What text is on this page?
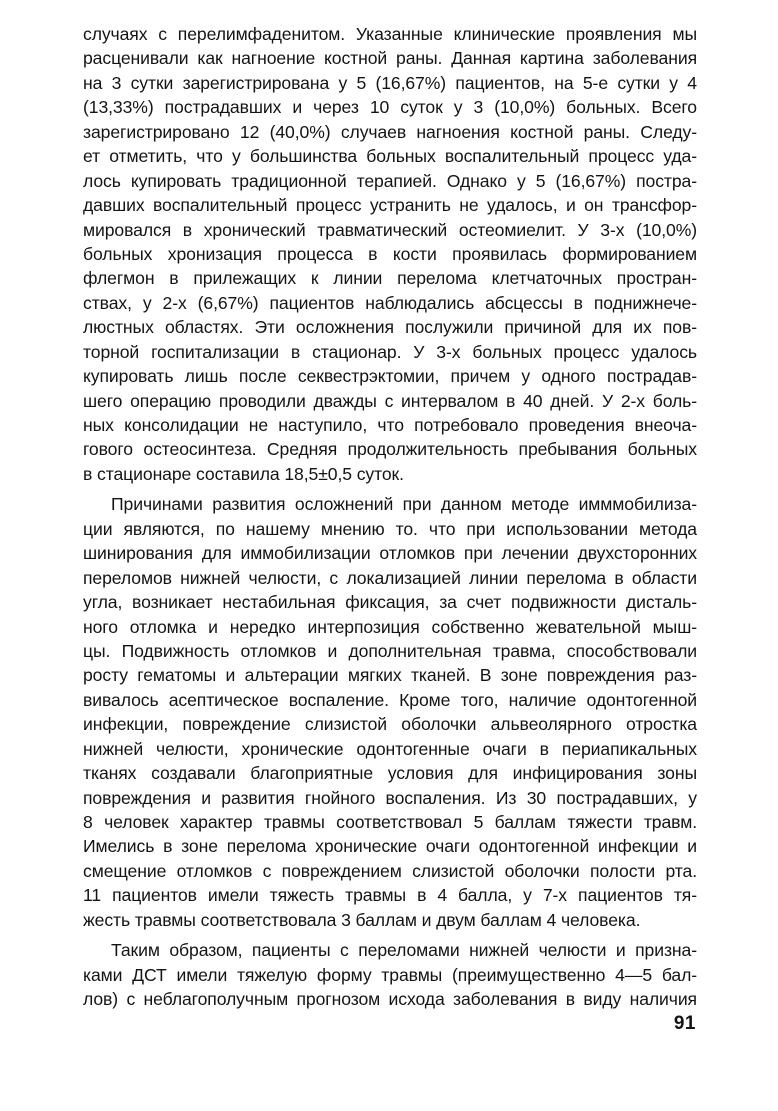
случаях с перелимфаденитом. Указанные клинические проявления мы
расценивали как нагноение костной раны. Данная картина заболевания
на 3 сутки зарегистрирована у 5 (16,67%) пациентов, на 5-е сутки у 4
(13,33%) пострадавших и через 10 суток у 3 (10,0%) больных. Всего
зарегистрировано 12 (40,0%) случаев нагноения костной раны. Следу-
ет отметить, что у большинства больных воспалительный процесс уда-
лось купировать традиционной терапией. Однако у 5 (16,67%) постра-
давших воспалительный процесс устранить не удалось, и он трансфор-
мировался в хронический травматический остеомиелит. У 3-х (10,0%)
больных хронизация процесса в кости проявилась формированием
флегмон в прилежащих к линии перелома клетчаточных простран-
ствах, у 2-х (6,67%) пациентов наблюдались абсцессы в поднижнече-
люстных областях. Эти осложнения послужили причиной для их пов-
торной госпитализации в стационар. У 3-х больных процесс удалось
купировать лишь после секвестрэктомии, причем у одного пострадав-
шего операцию проводили дважды с интервалом в 40 дней. У 2-х боль-
ных консолидации не наступило, что потребовало проведения внеоча-
гового остеосинтеза. Средняя продолжительность пребывания больных
в стационаре составила 18,5±0,5 суток.
Причинами развития осложнений при данном методе имммобилиза-
ции являются, по нашему мнению то. что при использовании метода
шинирования для иммобилизации отломков при лечении двухсторонних
переломов нижней челюсти, с локализацией линии перелома в области
угла, возникает нестабильная фиксация, за счет подвижности дисталь-
ного отломка и нередко интерпозиция собственно жевательной мыш-
цы. Подвижность отломков и дополнительная травма, способствовали
росту гематомы и альтерации мягких тканей. В зоне повреждения раз-
вивалось асептическое воспаление. Кроме того, наличие одонтогенной
инфекции, повреждение слизистой оболочки альвеолярного отростка
нижней челюсти, хронические одонтогенные очаги в периапикальных
тканях создавали благоприятные условия для инфицирования зоны
повреждения и развития гнойного воспаления. Из 30 пострадавших, у
8 человек характер травмы соответствовал 5 баллам тяжести травм.
Имелись в зоне перелома хронические очаги одонтогенной инфекции и
смещение отломков с повреждением слизистой оболочки полости рта.
11 пациентов имели тяжесть травмы в 4 балла, у 7-х пациентов тя-
жесть травмы соответствовала 3 баллам и двум баллам 4 человека.
Таким образом, пациенты с переломами нижней челюсти и призна-
ками ДСТ имели тяжелую форму травмы (преимущественно 4—5 бал-
лов) с неблагополучным прогнозом исхода заболевания в виду наличия
91
